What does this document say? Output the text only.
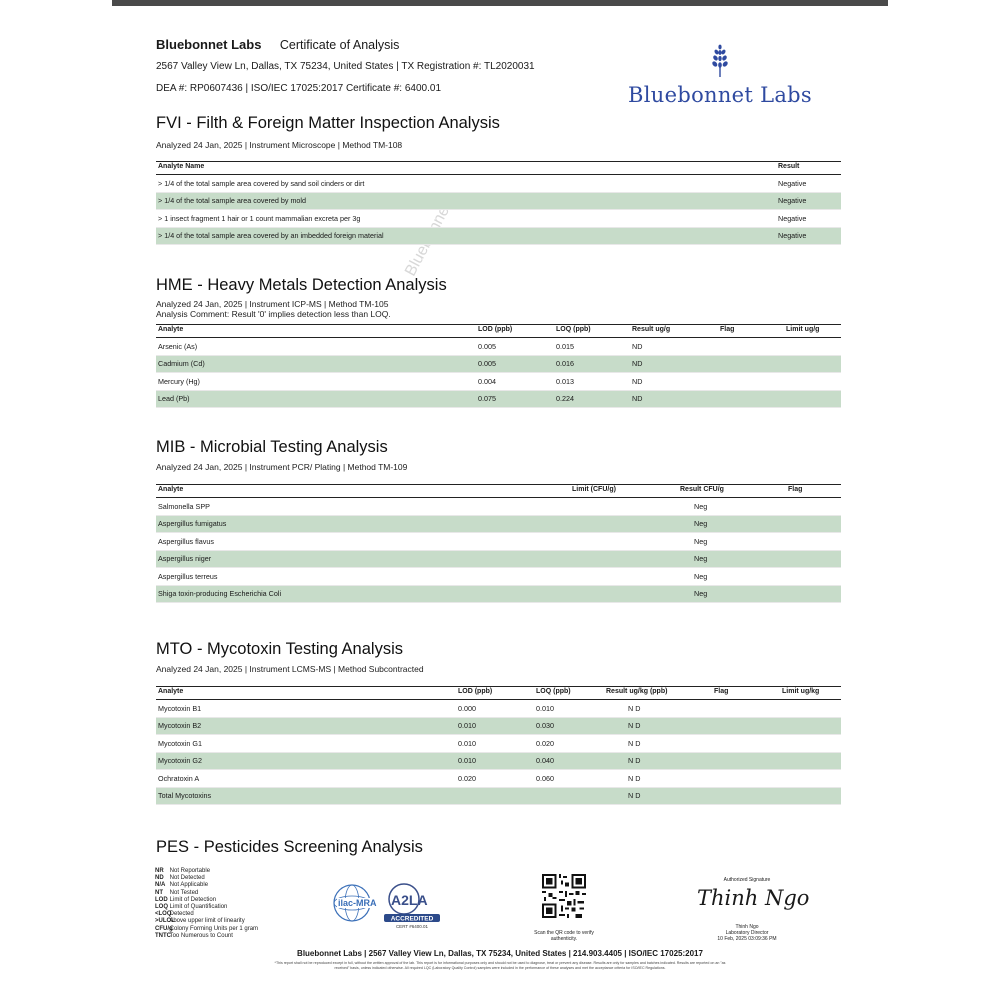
Bluebonnet Labs Certificate of Analysis
2567 Valley View Ln, Dallas, TX 75234, United States | TX Registration #: TL2020031
DEA #: RP0607436 | ISO/IEC 17025:2017 Certificate #: 6400.01	Bluebonnet Labs
FVI - Filth & Foreign Matter Inspection Analysis
Analyzed 24 Jan, 2025 | Instrument Microscope | Method TM-108
Analyte Name	Result
> 1/4 of the total sample area covered by sand soil cinders or dirt	Negative
> 1/4 of the total sample area covered by mold	Negative
> 1 insect fragment 1 hair or 1 count mammalian excreta per 3g	Negative
> 1/4 of the total sample area covered by an imbedded foreign material	Negative
HME - Heavy Metals Detection Analysis
Analyzed 24 Jan, 2025 | Instrument ICP-MS | Method TM-105
Analysis Comment: Result '0' implies detection less than LOQ.
Analyte	LOD (ppb)	LOQ (ppb)	Result ug/g	Flag	Limit ug/g
Arsenic (As)	0.005	0.015	ND		
Cadmium (Cd)	0.005	0.016	ND		
Mercury (Hg)	0.004	0.013	ND		
Lead (Pb)	0.075	0.224	ND		
MIB - Microbial Testing Analysis
Analyzed 24 Jan, 2025 | Instrument PCR/ Plating | Method TM-109
Analyte	Limit (CFU/g)	Result CFU/g	Flag
Salmonella SPP		Neg	
Aspergillus fumigatus		Neg	
Aspergillus flavus		Neg	
Aspergillus niger		Neg	
Aspergillus terreus		Neg	
Shiga toxin-producing Escherichia Coli		Neg	
MTO - Mycotoxin Testing Analysis
Analyzed 24 Jan, 2025 | Instrument LCMS-MS | Method Subcontracted
Analyte	LOD (ppb)	LOQ (ppb)	Result ug/kg (ppb)	Flag	Limit ug/kg
Mycotoxin B1	0.000	0.010	N D		
Mycotoxin B2	0.010	0.030	N D		
Mycotoxin G1	0.010	0.020	N D		
Mycotoxin G2	0.010	0.040	N D		
Ochratoxin A	0.020	0.060	N D		
Total Mycotoxins			N D		
PES - Pesticides Screening Analysis
NR Not Reportable
ND Not Detected
N/A Not Applicable
NT Not Tested
LOD Limit of Detection
LOQ Limit of Quantification
<LOQ Detected
>ULOL Above upper limit of linearity
CFU/g Colony Forming Units per 1 gram
TNTC Too Numerous to Count
ilac-MRA A2LA
ACCREDITED
CERT #6400.01
Scan the QR code to verify authenticity.
Authorized Signature
Thinh Ngo
Thinh Ngo
Laboratory Director
10 Feb, 2025 03:09:36 PM
Bluebonnet Labs | 2567 Valley View Ln, Dallas, TX 75234, United States | 214.903.4405 | ISO/IEC 17025:2017
*This report shall not be reproduced except in full, without the written approval of the lab. This report is for informational purposes only and should not be used to diagnose, treat or prevent any disease. Results are only for samples and batches indicated. Results are reported on an "as received" basis, unless indicated otherwise. All required LQC (Laboratory Quality Control) samples were included in the performance of these analyses and met the acceptance criteria for ISO/IEC Regulations.
